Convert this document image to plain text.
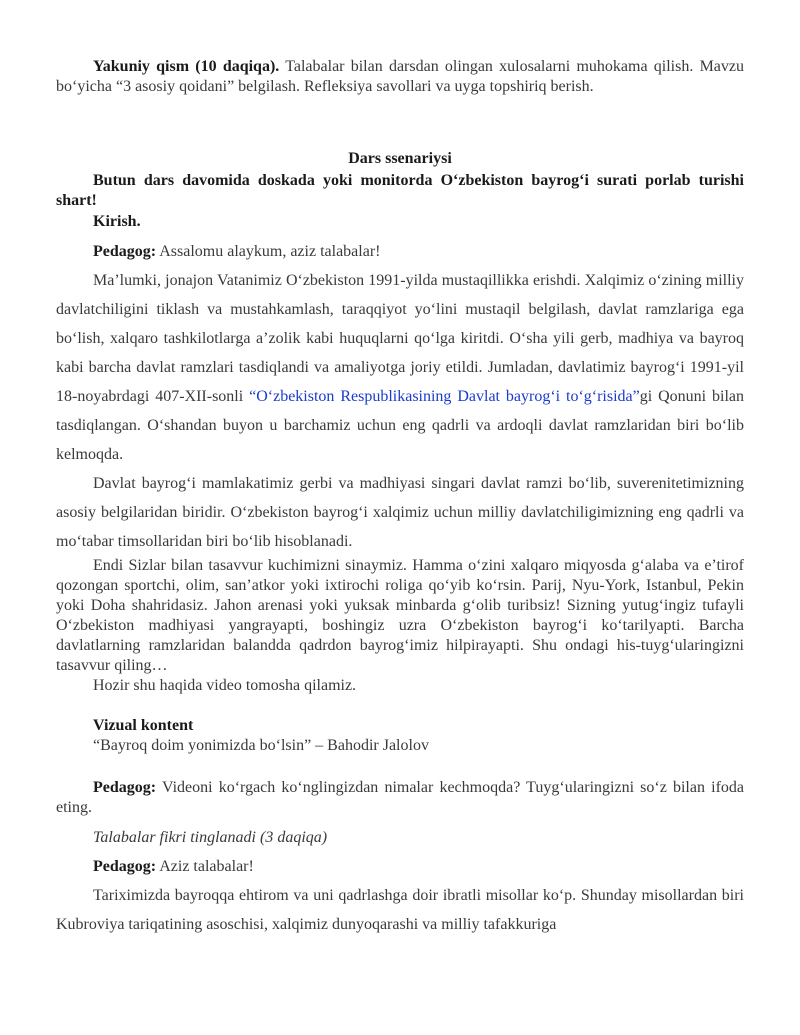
Yakuniy qism (10 daqiqa). Talabalar bilan darsdan olingan xulosalarni muhokama qilish. Mavzu bo‘yicha “3 asosiy qoidani” belgilash. Refleksiya savollari va uyga topshiriq berish.

Dars ssenariysi

Butun dars davomida doskada yoki monitorda O‘zbekiston bayrog‘i surati porlab turishi shart!

Kirish.

Pedagog: Assalomu alaykum, aziz talabalar!

Ma’lumki, jonajon Vatanimiz O‘zbekiston 1991-yilda mustaqillikka erishdi. Xalqimiz o‘zining milliy davlatchiligini tiklash va mustahkamlash, taraqqiyot yo‘lini mustaqil belgilash, davlat ramzlariga ega bo‘lish, xalqaro tashkilotlarga a’zolik kabi huquqlarni qo‘lga kiritdi. O‘sha yili gerb, madhiya va bayroq kabi barcha davlat ramzlari tasdiqlandi va amaliyotga joriy etildi. Jumladan, davlatimiz bayrog‘i 1991-yil 18-noyabrdagi 407-XII-sonli “O‘zbekiston Respublikasining Davlat bayrog‘i to‘g‘risida”gi Qonuni bilan tasdiqlangan. O‘shandan buyon u barchamiz uchun eng qadrli va ardoqli davlat ramzlaridan biri bo‘lib kelmoqda.

Davlat bayrog‘i mamlakatimiz gerbi va madhiyasi singari davlat ramzi bo‘lib, suverenitetimizning asosiy belgilaridan biridir. O‘zbekiston bayrog‘i xalqimiz uchun milliy davlatchiligimizning eng qadrli va mo‘tabar timsollaridan biri bo‘lib hisoblanadi.

Endi Sizlar bilan tasavvur kuchimizni sinaymiz. Hamma o‘zini xalqaro miqyosda g‘alaba va e’tirof qozongan sportchi, olim, san’atkor yoki ixtirochi roliga qo‘yib ko‘rsin. Parij, Nyu-York, Istanbul, Pekin yoki Doha shahridasiz. Jahon arenasi yoki yuksak minbarda g‘olib turibsiz! Sizning yutug‘ingiz tufayli O‘zbekiston madhiyasi yangrayapti, boshingiz uzra O‘zbekiston bayrog‘i ko‘tarilyapti. Barcha davlatlarning ramzlaridan balandda qadrdon bayrog‘imiz hilpirayapti. Shu ondagi his-tuyg‘ularingizni tasavvur qiling…

Hozir shu haqida video tomosha qilamiz.

Vizual kontent

“Bayroq doim yonimizda bo‘lsin” – Bahodir Jalolov

Pedagog: Videoni ko‘rgach ko‘nglingizdan nimalar kechmoqda? Tuyg‘ularingizni so‘z bilan ifoda eting.

Talabalar fikri tinglanadi (3 daqiqa)

Pedagog: Aziz talabalar!

Tariximizda bayroqqa ehtirom va uni qadrlashga doir ibratli misollar ko‘p. Shunday misollardan biri Kubroviya tariqatining asoschisi, xalqimiz dunyoqarashi va milliy tafakkuriga
